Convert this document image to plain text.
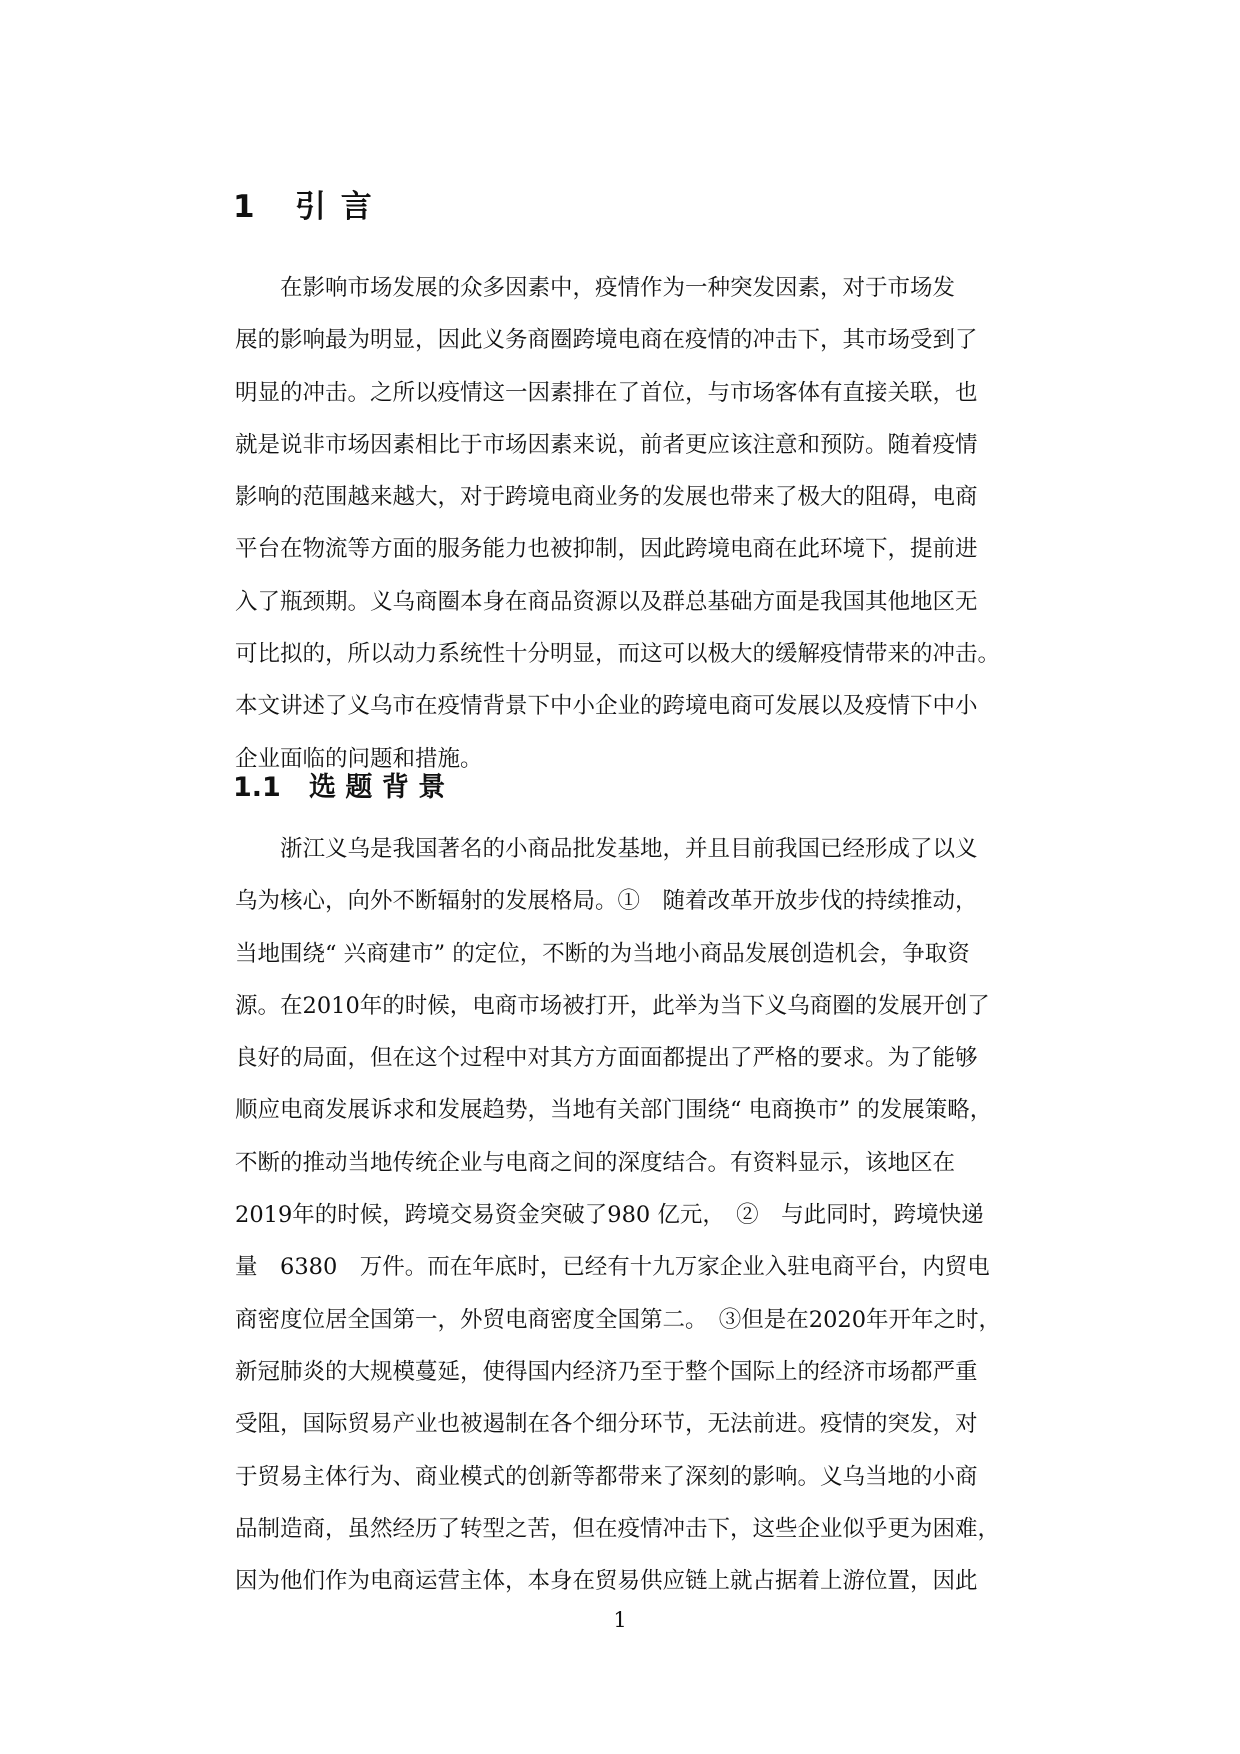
1   引 言
　　在影响市场发展的众多因素中，疫情作为一种突发因素，对于市场发
展的影响最为明显，因此义务商圈跨境电商在疫情的冲击下，其市场受到了
明显的冲击。之所以疫情这一因素排在了首位，与市场客体有直接关联，也
就是说非市场因素相比于市场因素来说，前者更应该注意和预防。随着疫情
影响的范围越来越大，对于跨境电商业务的发展也带来了极大的阻碍，电商
平台在物流等方面的服务能力也被抑制，因此跨境电商在此环境下，提前进
入了瓶颈期。义乌商圈本身在商品资源以及群总基础方面是我国其他地区无
可比拟的，所以动力系统性十分明显，而这可以极大的缓解疫情带来的冲击。
本文讲述了义乌市在疫情背景下中小企业的跨境电商可发展以及疫情下中小
企业面临的问题和措施。
1.1   选 题 背 景
　　浙江义乌是我国著名的小商品批发基地，并且目前我国已经形成了以义
乌为核心，向外不断辐射的发展格局。①　随着改革开放步伐的持续推动，
当地围绕“ 兴商建市” 的定位，不断的为当地小商品发展创造机会，争取资
源。在2010年的时候，电商市场被打开，此举为当下义乌商圈的发展开创了
良好的局面，但在这个过程中对其方方面面都提出了严格的要求。为了能够
顺应电商发展诉求和发展趋势，当地有关部门围绕“ 电商换市” 的发展策略，
不断的推动当地传统企业与电商之间的深度结合。有资料显示，该地区在
2019年的时候，跨境交易资金突破了980 亿元，　②　与此同时，跨境快递
量　6380　万件。而在年底时，已经有十九万家企业入驻电商平台，内贸电
商密度位居全国第一，外贸电商密度全国第二。　③但是在2020年开年之时，
新冠肺炎的大规模蔓延，使得国内经济乃至于整个国际上的经济市场都严重
受阻，国际贸易产业也被遏制在各个细分环节，无法前进。疫情的突发，对
于贸易主体行为、商业模式的创新等都带来了深刻的影响。义乌当地的小商
品制造商，虽然经历了转型之苦，但在疫情冲击下，这些企业似乎更为困难，
因为他们作为电商运营主体，本身在贸易供应链上就占据着上游位置，因此
1
